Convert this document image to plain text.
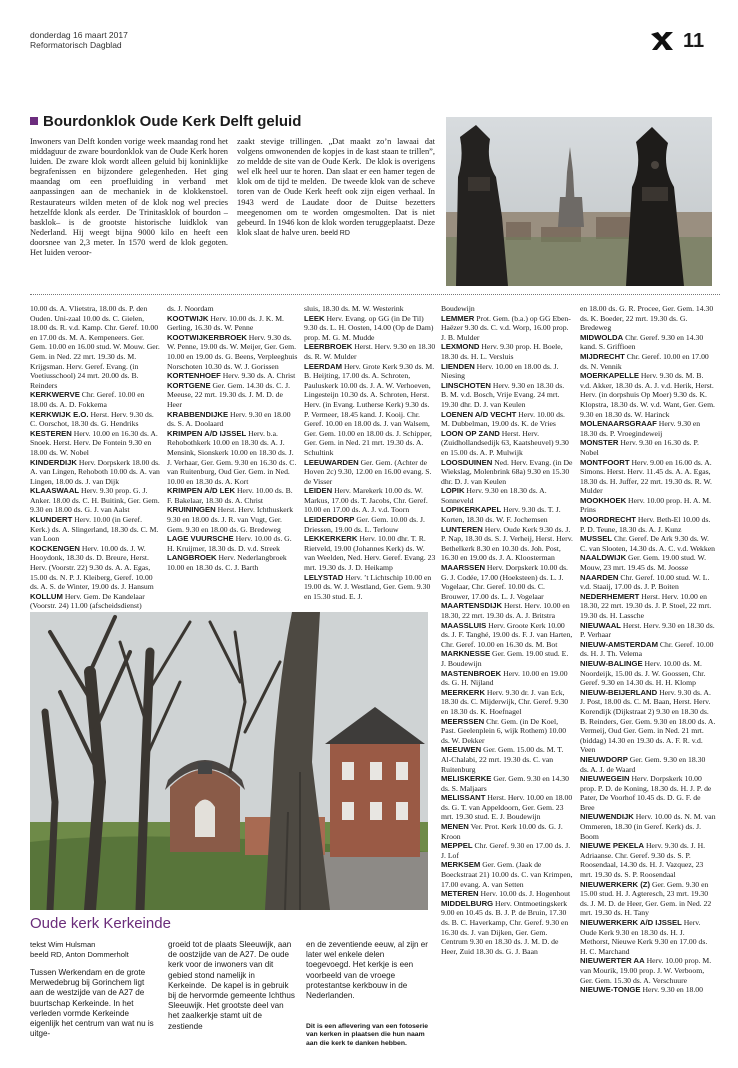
donderdag 16 maart 2017
Reformatorisch Dagblad	11
Bourdonklok Oude Kerk Delft geluid

Inwoners van Delft konden vorige week maandag rond het middaguur de zware bourdonklok van de Oude Kerk horen luiden. De zware klok wordt alleen geluid bij koninklijke begrafenissen en bijzondere gelegenheden. Het ging maandag om een proefluiding in verband met aanpassingen aan de mechaniek in de klokkenstoel. Restaurateurs wilden meten of de klok nog wel precies hetzelfde klonk als eerder.  De Trinitasklok of bourdon –basklok– is de grootste historische luidklok van Nederland. Hij weegt bijna 9000 kilo en heeft een doorsnee van 2,3 meter. In 1570 werd de klok gegoten. Het luiden veroor-

zaakt stevige trillingen. „Dat maakt zo’n lawaai dat volgens omwonenden de kopjes in de kast staan te trillen”, zo meldde de site van de Oude Kerk.  De klok is overigens wel elk heel uur te horen. Dan slaat er een hamer tegen de klok om de tijd te melden.  De tweede klok van de scheve toren van de Oude Kerk heeft ook zijn eigen verhaal. In 1943 werd de Laudate door de Duitse bezetters meegenomen om te worden omgesmolten. Dat is niet gebeurd. In 1946 kon de klok worden teruggeplaatst. Deze klok slaat de halve uren. beeld RD

10.00 ds. A. Vlietstra, 18.00 ds. P. den Ouden. Uni-zaal 10.00 ds. C. Gielen, 18.00 ds. R. v.d. Kamp. Chr. Geref. 10.00 en 17.00 ds. M. A. Kempeneers. Ger. Gem. 10.00 en 16.00 stud. W. Mouw. Ger. Gem. in Ned. 22 mrt. 19.30 ds. M. Krijgsman. Herv. Geref. Evang. (in Voetiusschool) 24 mrt. 20.00 ds. B. Reinders

KERKWERVE Chr. Geref. 10.00 en 18.00 ds. A. D. Fokkema

KERKWIJK E.O. Herst. Herv. 9.30 ds. C. Oorschot, 18.30 ds. G. Hendriks

KESTEREN Herv. 10.00 en 16.30 ds. A. Snoek. Herst. Herv. De Fontein 9.30 en 18.00 ds. W. Nobel

KINDERDIJK Herv. Dorpskerk 18.00 ds. A. van Lingen, Rehoboth 10.00 ds. A. van Lingen, 18.00 ds. J. van Dijk

KLAASWAAL Herv. 9.30 prop. G. J. Anker. 18.00 ds. C. H. Buitink, Ger. Gem. 9.30 en 18.00 ds. G. J. van Aalst

KLUNDERT Herv. 10.00 (in Geref. Kerk.) ds. A. Slingerland, 18.30 ds. C. M. van Loon

KOCKENGEN Herv. 10.00 ds. J. W. Hooydonk, 18.30 ds. D. Breure, Herst. Herv. (Voorstr. 22) 9.30 ds. A. A. Egas, 15.00 ds. N. P. J. Kleiberg, Geref. 10.00 ds. A. S. de Winter, 19.00 ds. J. Hansum

KOLLUM Herv. Gem. De Kandelaar (Voorstr. 24) 11.00 (afscheidsdienst)

ds. J. Noordam

KOOTWIJK Herv. 10.00 ds. J. K. M. Gerling, 16.30 ds. W. Pennе

KOOTWIJKERBROEK Herv. 9.30 ds. W. Penne, 19.00 ds. W. Meijer, Ger. Gem. 10.00 en 19.00 ds. G. Beens, Verpleeghuis Norschoten 10.30 ds. W. J. Gorissen

KORTENHOEF Herv. 9.30 ds. A. Christ

KORTGENE Ger. Gem. 14.30 ds. C. J. Meeuse, 22 mrt. 19.30 ds. J. M. D. de Heer

KRABBENDIJKE Herv. 9.30 en 18.00 ds. S. A. Doolaard

KRIMPEN A/D IJSSEL Herv. b.a. Rehobothkerk 10.00 en 18.30 ds. A. J. Mensink, Sionskerk 10.00 en 18.30 ds. J. J. Verhaar, Ger. Gem. 9.30 en 16.30 ds. C. van Ruitenburg, Oud Ger. Gem. in Ned. 10.00 en 18.30 ds. A. Kort

KRIMPEN A/D LEK Herv. 10.00 ds. B. F. Bakelaar, 18.30 ds. A. Christ

KRUININGEN Herst. Herv. Ichthuskerk 9.30 en 18.00 ds. J. R. van Vugt, Ger. Gem. 9.30 en 18.00 ds. G. Bredeweg

LAGE VUURSCHE Herv. 10.00 ds. G. H. Kruijmer, 18.30 ds. D. v.d. Streek

LANGBROEK Herv. Nederlangbroek 10.00 en 18.30 ds. C. J. Barth

sluis, 18.30 ds. M. W. Westerink

LEEK Herv. Evang. op GG (in De Til) 9.30 ds. L. H. Oosten, 14.00 (Op de Dam) prop. M. G. M. Mudde

LEERBROEK Herst. Herv. 9.30 en 18.30 ds. R. W. Mulder

LEERDAM Herv. Grote Kerk 9.30 ds. M. B. Heijting, 17.00 ds. A. Schroten, Pauluskerk 10.00 ds. J. A. W. Verhoeven, Lingesteijn 10.30 ds. A. Schroten, Herst. Herv. (in Evang. Lutherse Kerk) 9.30 ds. P. Vermeer, 18.45 kand. J. Kooij. Chr. Geref. 10.00 en 18.00 ds. J. van Walsem, Ger. Gem. 10.00 en 18.00 ds. J. Schipper, Ger. Gem. in Ned. 21 mrt. 19.30 ds. A. Schultink

LEEUWARDEN Ger. Gem. (Achter de Hoven 2c) 9.30, 12.00 en 16.00 evang. S. de Visser

LEIDEN Herv. Marekerk 10.00 ds. W. Markus, 17.00 ds. T. Jacobs, Chr. Geref. 10.00 en 17.00 ds. A. J. v.d. Toorn

LEIDERDORP Ger. Gem. 10.00 ds. J. Driessen, 19.00 ds. L. Terlouw

LEKKERKERK Herv. 10.00 dhr. T. R. Rietveld, 19.00 (Johannes Kerk) ds. W. van Weelden, Ned. Herv. Geref. Evang. 23 mrt. 19.30 ds. J. D. Heikamp

LELYSTAD Herv. ’t Lichtschip 10.00 en 19.00 ds. W. J. Westland, Ger. Gem. 9.30 en 15.30 stud. E. J.

Boudewijn

LEMMER Prot. Gem. (b.a.) op GG Eben-Haëzer 9.30 ds. C. v.d. Worp, 16.00 prop. J. B. Mulder

LEXMOND Herv. 9.30 prop. H. Boele, 18.30 ds. H. L. Versluis

LIENDEN Herv. 10.00 en 18.00 ds. J. Niesing

LINSCHOTEN Herv. 9.30 en 18.30 ds. B. M. v.d. Bosch, Vrije Evang. 24 mrt. 19.30 dhr. D. J. van Keulen

LOENEN A/D VECHT Herv. 10.00 ds. M. Dubbelman, 19.00 ds. K. de Vries

LOON OP ZAND Herst. Herv. (Zuidhollandsedijk 63, Kaatsheuvel) 9.30 en 15.00 ds. A. P. Mulwijk

LOOSDUINEN Ned. Herv. Evang. (in De Wiekslag, Molenbrink 68a) 9.30 en 15.30 dhr. D. J. van Keulen

LOPIK Herv. 9.30 en 18.30 ds. A. Sonneveld

LOPIKERKAPEL Herv. 9.30 ds. T. J. Korten, 18.30 ds. W. F. Jochemsen

LUNTEREN Herv. Oude Kerk 9.30 ds. J. P. Nap, 18.30 ds. S. J. Verheij, Herst. Herv. Bethelkerk 8.30 en 10.30 ds. Joh. Post, 16.30 en 19.00 ds. J. A. Kloosterman

MAARSSEN Herv. Dorpskerk 10.00 ds. G. J. Codée, 17.00 (Hoeksteen) ds. L. J. Vogelaar, Chr. Geref. 10.00 ds. C. Brouwer, 17.00 ds. L. J. Vogelaar

MAARTENSDIJK Herst. Herv. 10.00 en 18.30, 22 mrt. 19.30 ds. A. J. Britstra

MAASSLUIS Herv. Groote Kerk 10.00 ds. J. F. Tanghé, 19.00 ds. F. J. van Harten, Chr. Geref. 10.00 en 16.30 ds. M. Bot

MARKNESSE Ger. Gem. 19.00 stud. E. J. Boudewijn

MASTENBROEK Herv. 10.00 en 19.00 ds. G. H. Nijland

MEERKERK Herv. 9.30 dr. J. van Eck, 18.30 ds. C. Mijderwijk, Chr. Geref. 9.30 en 18.30 ds. K. Hoefnagel

MEERSSEN Chr. Gem. (in De Koel, Past. Geelenplein 6, wijk Rothem) 10.00 ds. W. Dekker

MEEUWEN Ger. Gem. 15.00 ds. M. T. Al-Chalabi, 22 mrt. 19.30 ds. C. van Ruitenburg

MELISKERKE Ger. Gem. 9.30 en 14.30 ds. S. Maljaars

MELISSANT Herst. Herv. 10.00 en 18.00 ds. G. T. van Appeldoorn, Ger. Gem. 23 mrt. 19.30 stud. E. J. Boudewijn

MENEN Ver. Prot. Kerk 10.00 ds. G. J. Kroon

MEPPEL Chr. Geref. 9.30 en 17.00 ds. J. J. Lof

MERKSEM Ger. Gem. (Jaak de Boeckstraat 21) 10.00 ds. C. van Krimpen, 17.00 evang. A. van Setten

METEREN Herv. 10.00 ds. J. Hogenhout

MIDDELBURG Herv. Ontmoetingskerk 9.00 en 10.45 ds. B. J. P. de Bruin, 17.30 ds. B. C. Haverkamp, Chr. Geref. 9.30 en 16.30 ds. J. van Dijken, Ger. Gem. Centrum 9.30 en 18.30 ds. J. M. D. de Heer, Zuid 18.30 ds. G. J. Baan

en 18.00 ds. G. R. Procee, Ger. Gem. 14.30 ds. K. Boeder, 22 mrt. 19.30 ds. G. Bredeweg

MIDWOLDA Chr. Geref. 9.30 en 14.30 kand. S. Griffioen

MIJDRECHT Chr. Geref. 10.00 en 17.00 ds. N. Vennik

MOERKAPELLE Herv. 9.30 ds. M. B. v.d. Akker, 18.30 ds. A. J. v.d. Herik, Herst. Herv. (in dorpshuis Op Moer) 9.30 ds. K. Klopstra, 18.30 ds. W. v.d. Want, Ger. Gem. 9.30 en 18.30 ds. W. Harinck

MOLENAARSGRAAF Herv. 9.30 en 18.30 ds. P. Vroegindeweij

MONSTER Herv. 9.30 en 16.30 ds. P. Nobel

MONTFOORT Herv. 9.00 en 16.00 ds. A. Simons. Herst. Herv. 11.45 ds. A. A. Egas, 18.30 ds. H. Juffer, 22 mrt. 19.30 ds. R. W. Mulder

MOOKHOEK Herv. 10.00 prop. H. A. M. Prins

MOORDRECHT Herv. Beth-El 10.00 ds. P. D. Teunе, 18.30 ds. A. J. Kunz

MUSSEL Chr. Geref. De Ark 9.30 ds. W. C. van Slooten, 14.30 ds. A. C. v.d. Wekken

NAALDWIJK Ger. Gem. 19.00 stud. W. Mouw, 23 mrt. 19.45 ds. M. Joosse

NAARDEN Chr. Geref. 10.00 stud. W. L. v.d. Staaij, 17.00 ds. J. P. Boiten

NEDERHEMERT Herst. Herv. 10.00 en 18.30, 22 mrt. 19.30 ds. J. P. Stoel, 22 mrt. 19.30 ds. H. Lassche

NIEUWAAL Herst. Herv. 9.30 en 18.30 ds. P. Verhaar

NIEUW-AMSTERDAM Chr. Geref. 10.00 ds. H. J. Th. Velema

NIEUW-BALINGE Herv. 10.00 ds. M. Noordeijk, 15.00 ds. J. W. Goossen, Chr. Geref. 9.30 en 14.30 ds. H. H. Klomp

NIEUW-BEIJERLAND Herv. 9.30 ds. A. J. Post, 18.00 ds. C. M. Baan, Herst. Herv. Korendijk (Dijkstraat 2) 9.30 en 18.30 ds. B. Reinders, Ger. Gem. 9.30 en 18.00 ds. A. Vermeij, Oud Ger. Gem. in Ned. 21 mrt. (biddag) 14.30 en 19.30 ds. A. F. R. v.d. Veen

NIEUWDORP Ger. Gem. 9.30 en 18.30 ds. A. J. de Waard

NIEUWEGEIN Herv. Dorpskerk 10.00 prop. P. D. de Koning, 18.30 ds. H. J. P. de Pater, De Voorhof 10.45 ds. D. G. F. de Bree

NIEUWENDIJK Herv. 10.00 ds. N. M. van Ommeren, 18.30 (in Geref. Kerk) ds. J. Boom

NIEUWE PEKELA Herv. 9.30 ds. J. H. Adriaanse. Chr. Geref. 9.30 ds. S. P. Roosendaal, 14.30 ds. H. J. Vazquez, 23 mrt. 19.30 ds. S. P. Roosendaal

NIEUWERKERK (Z) Ger. Gem. 9.30 en 15.00 stud. H. J. Agteresch, 23 mrt. 19.30 ds. J. M. D. de Heer, Ger. Gem. in Ned. 22 mrt. 19.30 ds. H. Tanу

NIEUWERKERK A/D IJSSEL Herv. Oude Kerk 9.30 en 18.30 ds. H. J. Methorst, Nieuwe Kerk 9.30 en 17.00 ds. H. C. Marchand

NIEUWERTER AA Herv. 10.00 prop. M. van Mourik, 19.00 prop. J. W. Verboom, Ger. Gem. 15.30 ds. A. Verschuure

NIEUWE-TONGE Herv. 9.30 en 18.00

Oude kerk Kerkeinde
tekst Wim Hulsman
beeld RD, Anton Dommerholt

Tussen Werkendam en de grote Merwedebrug bij Gorinchem ligt aan de westzijde van de A27 de buurtschap Kerkeinde. In het verleden vormde Kerkeinde eigenlijk het centrum van wat nu is uitge-

groeid tot de plaats Sleeuwijk, aan de oostzijde van de A27. De oude kerk voor de inwoners van dit gebied stond namelijk in Kerkeinde.  De kapel is in gebruik bij de hervormde gemeente Ichthus Sleeuwijk. Het grootste deel van het zaalkerkje stamt uit de zestiende

en de zeventiende eeuw, al zijn er later wel enkele delen toegevoegd. Het kerkje is een voorbeeld van de vroege protestantse kerkbouw in de Nederlanden.

Dit is een aflevering van een fotoserie van kerken in plaatsen die hun naam aan die kerk te danken hebben.
